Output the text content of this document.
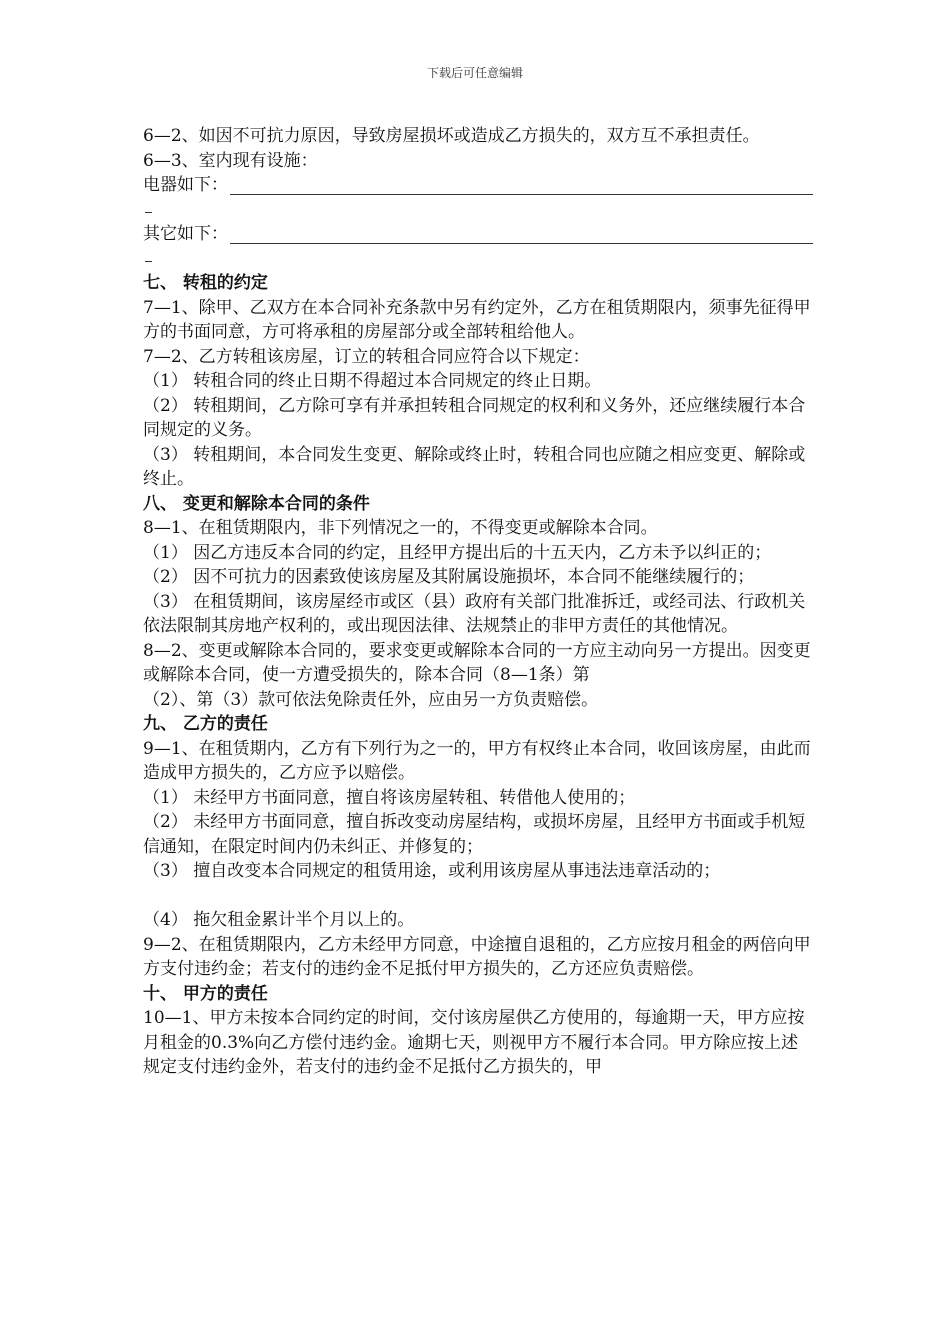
下载后可任意编辑

6—2、如因不可抗力原因，导致房屋损坏或造成乙方损失的，双方互不承担责任。

6—3、室内现有设施：

电器如下：
其它如下：

七、 转租的约定

7—1、除甲、乙双方在本合同补充条款中另有约定外，乙方在租赁期限内，须事先征得甲方的书面同意，方可将承租的房屋部分或全部转租给他人。

7—2、乙方转租该房屋，订立的转租合同应符合以下规定：

（1） 转租合同的终止日期不得超过本合同规定的终止日期。

（2） 转租期间，乙方除可享有并承担转租合同规定的权利和义务外，还应继续履行本合同规定的义务。

（3） 转租期间，本合同发生变更、解除或终止时，转租合同也应随之相应变更、解除或终止。

八、 变更和解除本合同的条件

8—1、在租赁期限内，非下列情况之一的，不得变更或解除本合同。

（1） 因乙方违反本合同的约定，且经甲方提出后的十五天内，乙方未予以纠正的；

（2） 因不可抗力的因素致使该房屋及其附属设施损坏，本合同不能继续履行的；

（3） 在租赁期间，该房屋经市或区（县）政府有关部门批准拆迁，或经司法、行政机关依法限制其房地产权利的，或出现因法律、法规禁止的非甲方责任的其他情况。

8—2、变更或解除本合同的，要求变更或解除本合同的一方应主动向另一方提出。因变更或解除本合同，使一方遭受损失的，除本合同（8—1条）第

（2）、第（3）款可依法免除责任外，应由另一方负责赔偿。

九、 乙方的责任

9—1、在租赁期内，乙方有下列行为之一的，甲方有权终止本合同，收回该房屋，由此而造成甲方损失的，乙方应予以赔偿。

（1） 未经甲方书面同意，擅自将该房屋转租、转借他人使用的；

（2） 未经甲方书面同意，擅自拆改变动房屋结构，或损坏房屋，且经甲方书面或手机短信通知，在限定时间内仍未纠正、并修复的；

（3） 擅自改变本合同规定的租赁用途，或利用该房屋从事违法违章活动的；

（4） 拖欠租金累计半个月以上的。

9—2、在租赁期限内，乙方未经甲方同意，中途擅自退租的，乙方应按月租金的两倍向甲方支付违约金；若支付的违约金不足抵付甲方损失的，乙方还应负责赔偿。

十、 甲方的责任

10—1、甲方未按本合同约定的时间，交付该房屋供乙方使用的，每逾期一天，甲方应按月租金的0.3%向乙方偿付违约金。逾期七天，则视甲方不履行本合同。甲方除应按上述规定支付违约金外，若支付的违约金不足抵付乙方损失的，甲
